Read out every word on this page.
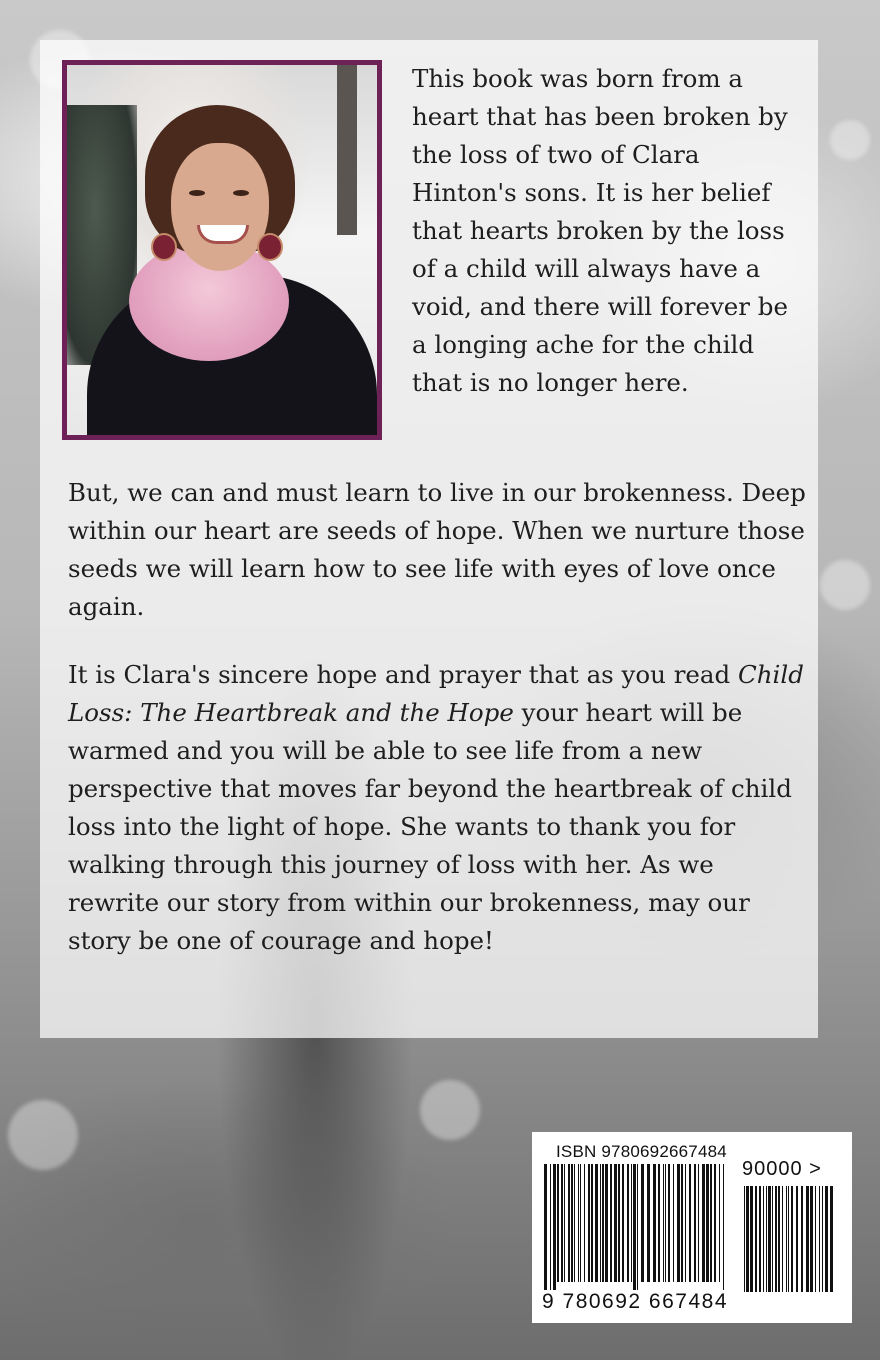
This book was born from a heart that has been broken by the loss of two of Clara Hinton's sons. It is her belief that hearts broken by the loss of a child will always have a void, and there will forever be a longing ache for the child that is no longer here.

But, we can and must learn to live in our brokenness. Deep within our heart are seeds of hope. When we nurture those seeds we will learn how to see life with eyes of love once again.

It is Clara's sincere hope and prayer that as you read Child Loss: The Heartbreak and the Hope your heart will be warmed and you will be able to see life from a new perspective that moves far beyond the heartbreak of child loss into the light of hope. She wants to thank you for walking through this journey of loss with her. As we rewrite our story from within our brokenness, may our story be one of courage and hope!

ISBN 9780692667484
90000 >
9 780692 667484
